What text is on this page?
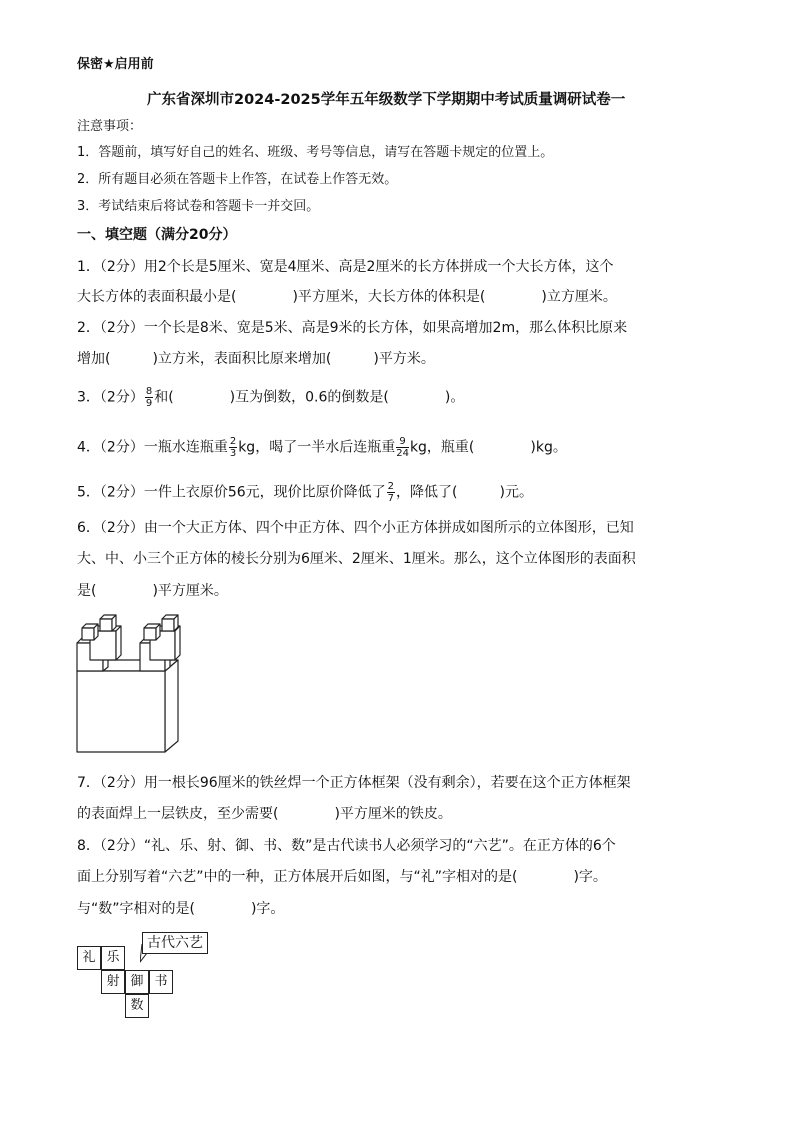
保密★启用前
广东省深圳市2024-2025学年五年级数学下学期期中考试质量调研试卷一
注意事项：
1．答题前，填写好自己的姓名、班级、考号等信息，请写在答题卡规定的位置上。
2．所有题目必须在答题卡上作答，在试卷上作答无效。
3．考试结束后将试卷和答题卡一并交回。
一、填空题（满分20分）
1．（2分）用2个长是5厘米、宽是4厘米、高是2厘米的长方体拼成一个大长方体，这个
大长方体的表面积最小是(　　　　)平方厘米，大长方体的体积是(　　　　)立方厘米。
2．（2分）一个长是8米、宽是5米、高是9米的长方体，如果高增加2m，那么体积比原来
增加(　　　)立方米，表面积比原来增加(　　　)平方米。
3．（2分） $\frac{8}{9}$ 和(　　　　)互为倒数，0.6的倒数是(　　　　)。
4．（2分）一瓶水连瓶重 $\frac{2}{3}$ kg，喝了一半水后连瓶重 $\frac{9}{24}$ kg，瓶重(　　　　)kg。
5．（2分）一件上衣原价56元，现价比原价降低了 $\frac{2}{7}$ ，降低了(　　　)元。
6．（2分）由一个大正方体、四个中正方体、四个小正方体拼成如图所示的立体图形，已知
大、中、小三个正方体的棱长分别为6厘米、2厘米、1厘米。那么，这个立体图形的表面积
是(　　　　)平方厘米。
7．（2分）用一根长96厘米的铁丝焊一个正方体框架（没有剩余），若要在这个正方体框架
的表面焊上一层铁皮，至少需要(　　　　)平方厘米的铁皮。
8．（2分）“礼、乐、射、御、书、数”是古代读书人必须学习的“六艺”。在正方体的6个
面上分别写着“六艺”中的一种，正方体展开后如图，与“礼”字相对的是(　　　　)字。
与“数”字相对的是(　　　　)字。
礼 乐
射 御 书
数
古代六艺
